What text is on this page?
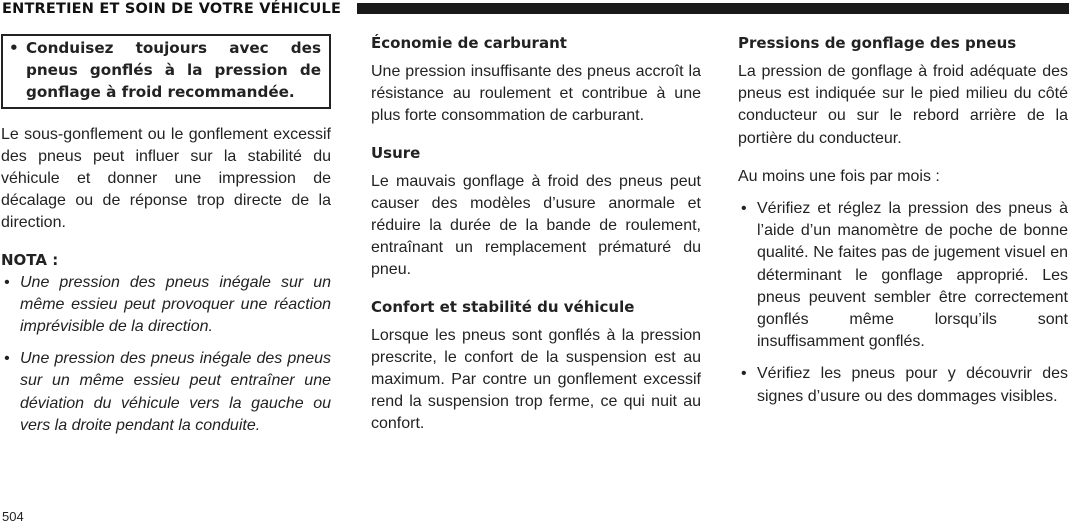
ENTRETIEN ET SOIN DE VOTRE VÉHICULE

• Conduisez toujours avec des pneus gonflés à la pression de gonflage à froid recommandée.

Le sous-gonflement ou le gonflement excessif des pneus peut influer sur la stabilité du véhicule et donner une impression de décalage ou de réponse trop directe de la direction.

NOTA :
• Une pression des pneus inégale sur un même essieu peut provoquer une réaction imprévisible de la direction.
• Une pression des pneus inégale des pneus sur un même essieu peut entraîner une déviation du véhicule vers la gauche ou vers la droite pendant la conduite.
Économie de carburant

Une pression insuffisante des pneus accroît la résistance au roulement et contribue à une plus forte consommation de carburant.

Usure

Le mauvais gonflage à froid des pneus peut causer des modèles d’usure anormale et réduire la durée de la bande de roulement, entraînant un remplacement prématuré du pneu.

Confort et stabilité du véhicule

Lorsque les pneus sont gonflés à la pression prescrite, le confort de la suspension est au maximum. Par contre un gonflement excessif rend la suspension trop ferme, ce qui nuit au confort.

Pressions de gonflage des pneus

La pression de gonflage à froid adéquate des pneus est indiquée sur le pied milieu du côté conducteur ou sur le rebord arrière de la portière du conducteur.

Au moins une fois par mois :

• Vérifiez et réglez la pression des pneus à l’aide d’un manomètre de poche de bonne qualité. Ne faites pas de jugement visuel en déterminant le gonflage approprié. Les pneus peuvent sembler être correctement gonflés même lorsqu’ils sont insuffisamment gonflés.
• Vérifiez les pneus pour y découvrir des signes d’usure ou des dommages visibles.
504
